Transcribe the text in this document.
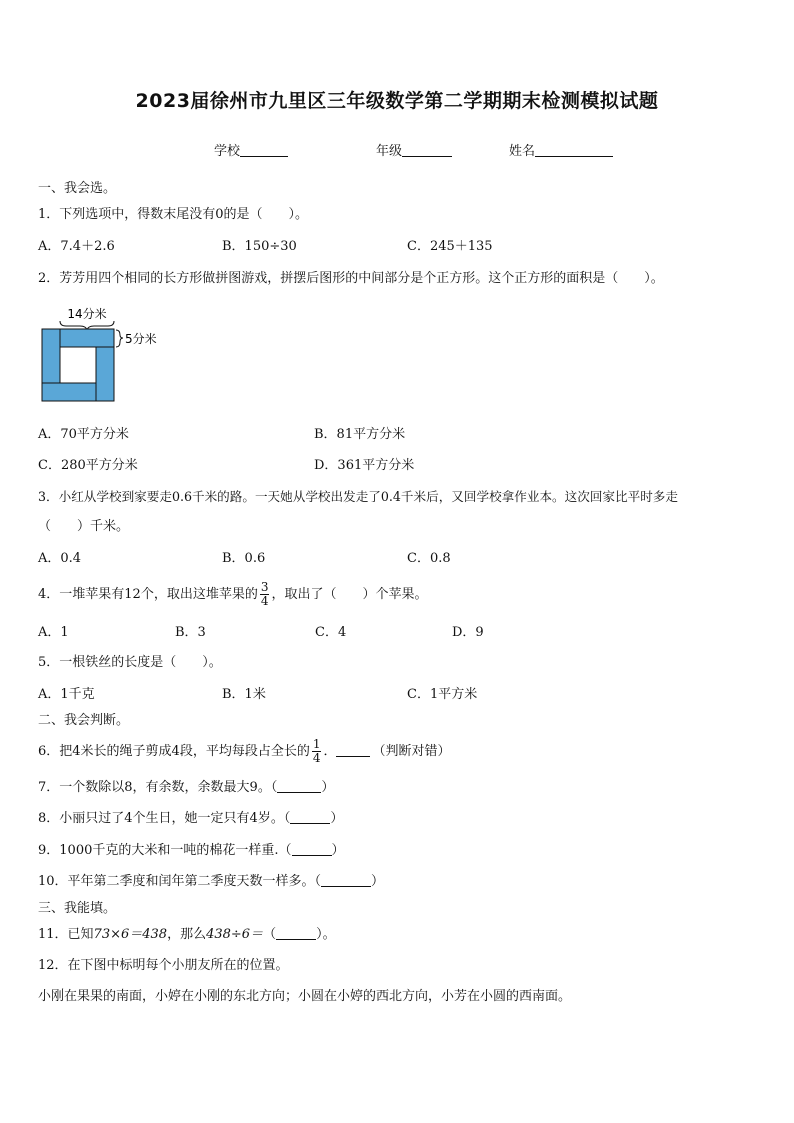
2023届徐州市九里区三年级数学第二学期期末检测模拟试题
学校	年级	姓名
一、我会选。
1．下列选项中，得数末尾没有0的是（　　）。
A．7.4＋2.6	B．150÷30	C．245＋135
2．芳芳用四个相同的长方形做拼图游戏，拼摆后图形的中间部分是个正方形。这个正方形的面积是（　　）。
14分米
5分米
A．70平方分米	B．81平方分米
C．280平方分米	D．361平方分米
3．小红从学校到家要走0.6千米的路。一天她从学校出发走了0.4千米后，又回学校拿作业本。这次回家比平时多走
（　　）千米。
A．0.4	B．0.6	C．0.8
4．一堆苹果有12个，取出这堆苹果的 $\frac{3}{4}$ ，取出了（　　）个苹果。
A．1	B．3	C．4	D．9
5．一根铁丝的长度是（　　）。
A．1千克	B．1米	C．1平方米
二、我会判断。
6．把4米长的绳子剪成4段，平均每段占全长的 $\frac{1}{4}$ ．	（判断对错）
7．一个数除以8，有余数，余数最大9。（	）
8．小丽只过了4个生日，她一定只有4岁。（	）
9．1000千克的大米和一吨的棉花一样重.（	）
10．平年第二季度和闰年第二季度天数一样多。（	）
三、我能填。
11．已知73×6＝438，那么438÷6＝（	）。
12．在下图中标明每个小朋友所在的位置。
小刚在果果的南面，小婷在小刚的东北方向；小圆在小婷的西北方向，小芳在小圆的西南面。
